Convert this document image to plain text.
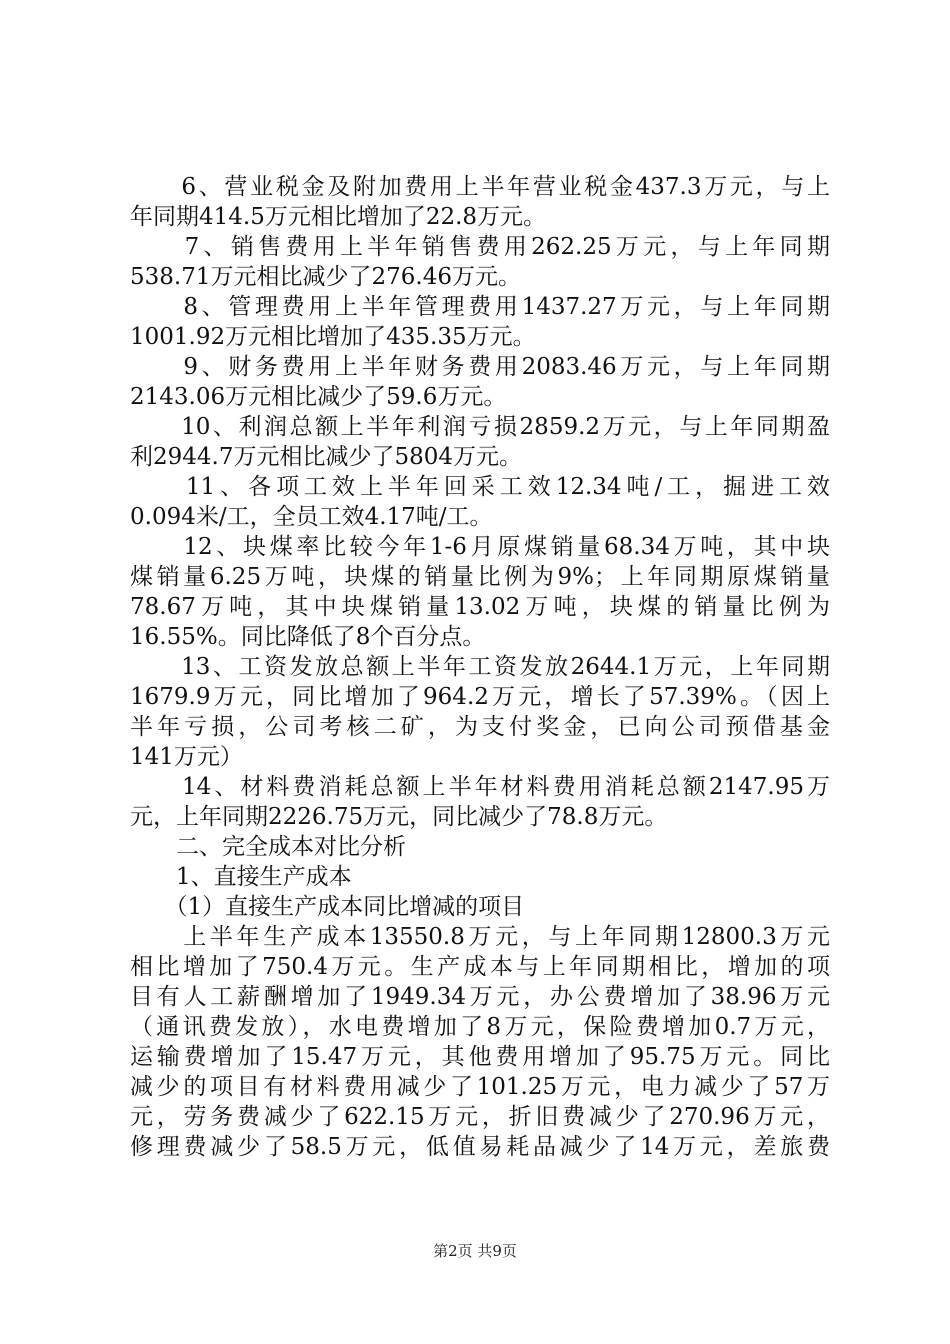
　　6、营业税金及附加费用上半年营业税金437.3万元，与上
年同期414.5万元相比增加了22.8万元。
　　7、销售费用上半年销售费用262.25万元，与上年同期
538.71万元相比减少了276.46万元。
　　8、管理费用上半年管理费用1437.27万元，与上年同期
1001.92万元相比增加了435.35万元。
　　9、财务费用上半年财务费用2083.46万元，与上年同期
2143.06万元相比减少了59.6万元。
　　10、利润总额上半年利润亏损2859.2万元，与上年同期盈
利2944.7万元相比减少了5804万元。
　　11、各项工效上半年回采工效12.34吨/工，掘进工效
0.094米/工，全员工效4.17吨/工。
　　12、块煤率比较今年1-6月原煤销量68.34万吨，其中块
煤销量6.25万吨，块煤的销量比例为9%；上年同期原煤销量
78.67万吨，其中块煤销量13.02万吨，块煤的销量比例为
16.55%。同比降低了8个百分点。
　　13、工资发放总额上半年工资发放2644.1万元，上年同期
1679.9万元，同比增加了964.2万元，增长了57.39%。（因上
半年亏损，公司考核二矿，为支付奖金，已向公司预借基金
141万元）
　　14、材料费消耗总额上半年材料费用消耗总额2147.95万
元，上年同期2226.75万元，同比减少了78.8万元。
　　二、完全成本对比分析
　　1、直接生产成本
　　（1）直接生产成本同比增减的项目
　　上半年生产成本13550.8万元，与上年同期12800.3万元
相比增加了750.4万元。生产成本与上年同期相比，增加的项
目有人工薪酬增加了1949.34万元，办公费增加了38.96万元
（通讯费发放），水电费增加了8万元，保险费增加0.7万元，
运输费增加了15.47万元，其他费用增加了95.75万元。同比
减少的项目有材料费用减少了101.25万元，电力减少了57万
元，劳务费减少了622.15万元，折旧费减少了270.96万元，
修理费减少了58.5万元，低值易耗品减少了14万元，差旅费
第2页 共9页
